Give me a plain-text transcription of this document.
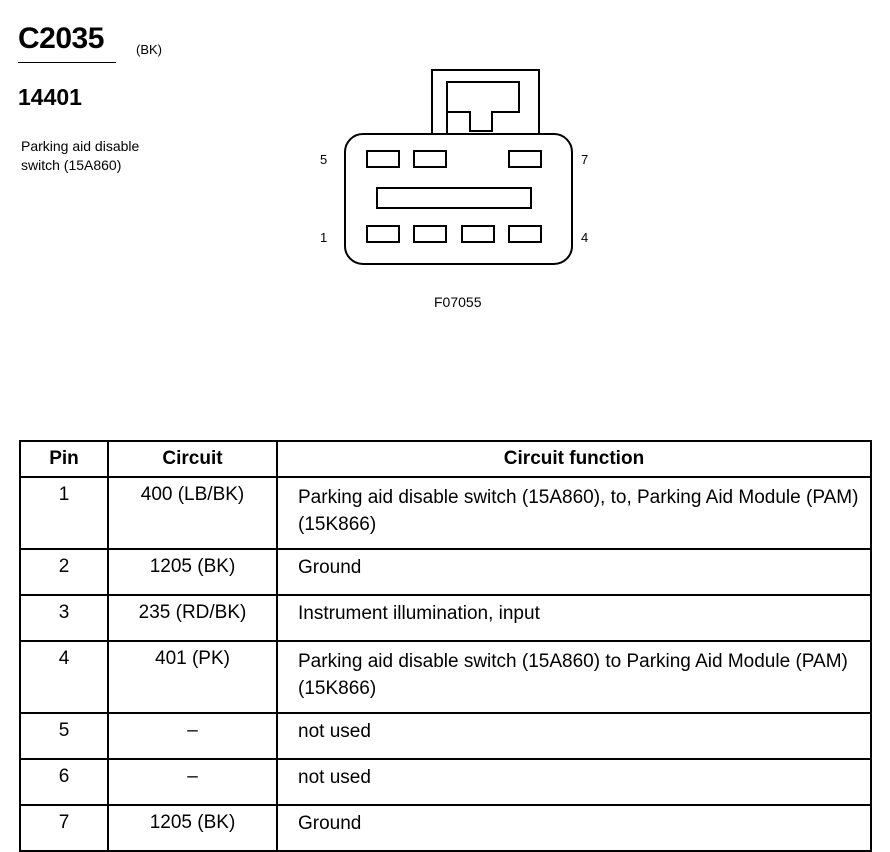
C2035 (BK)
14401
Parking aid disable
switch (15A860)	5	7
1	4
F07055
Pin	Circuit	Circuit function
1	400 (LB/BK)	Parking aid disable switch (15A860), to, Parking Aid Module (PAM) (15K866)
2	1205 (BK)	Ground
3	235 (RD/BK)	Instrument illumination, input
4	401 (PK)	Parking aid disable switch (15A860) to Parking Aid Module (PAM) (15K866)
5	–	not used
6	–	not used
7	1205 (BK)	Ground
